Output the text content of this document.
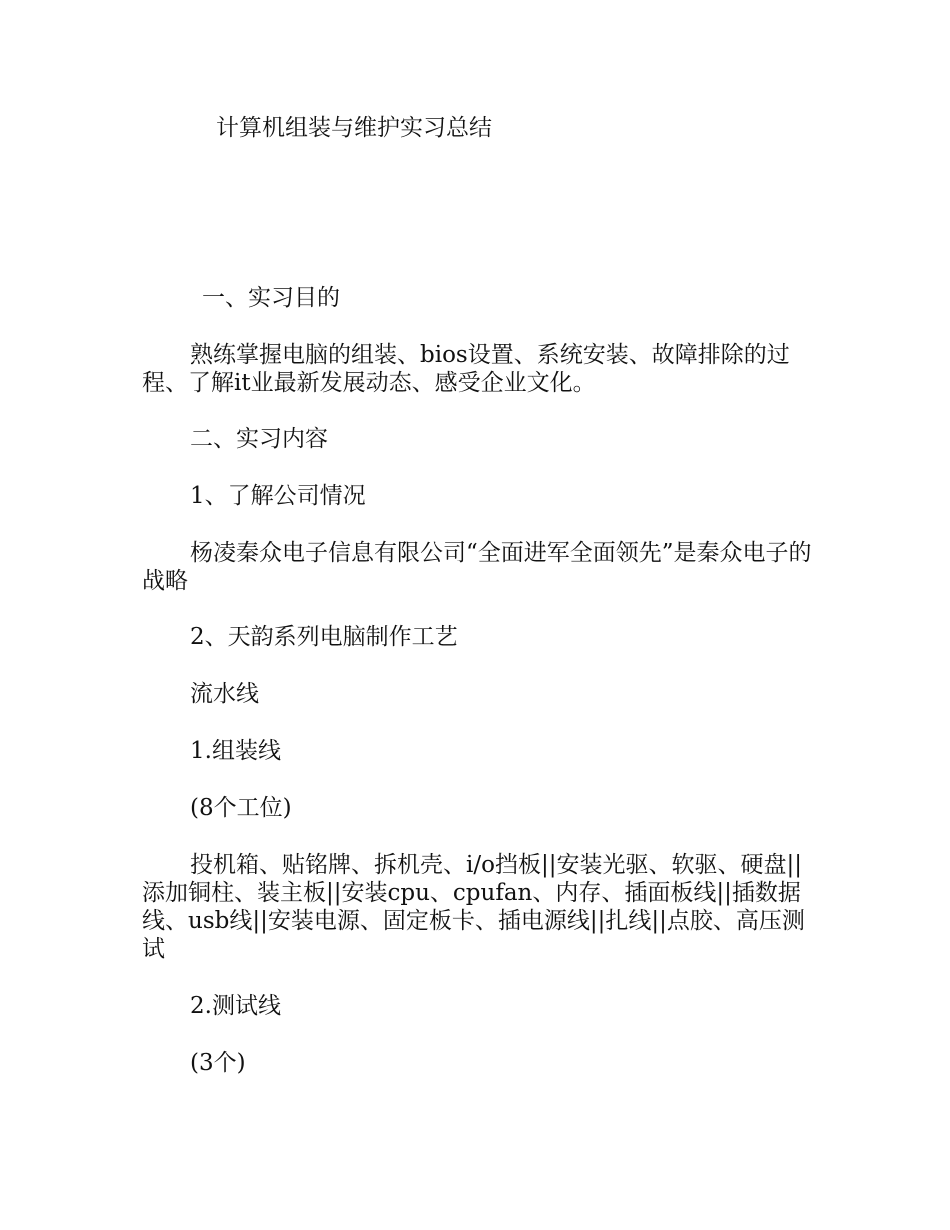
计算机组装与维护实习总结

一、实习目的

熟练掌握电脑的组装、bios设置、系统安装、故障排除的过程、了解it业最新发展动态、感受企业文化。

二、实习内容

1、了解公司情况

杨凌秦众电子信息有限公司“全面进军全面领先”是秦众电子的战略

2、天韵系列电脑制作工艺

流水线

1.组装线

(8个工位)

投机箱、贴铭牌、拆机壳、i/o挡板||安装光驱、软驱、硬盘||添加铜柱、装主板||安装cpu、cpufan、内存、插面板线||插数据线、usb线||安装电源、固定板卡、插电源线||扎线||点胶、高压测试

2.测试线

(3个)
